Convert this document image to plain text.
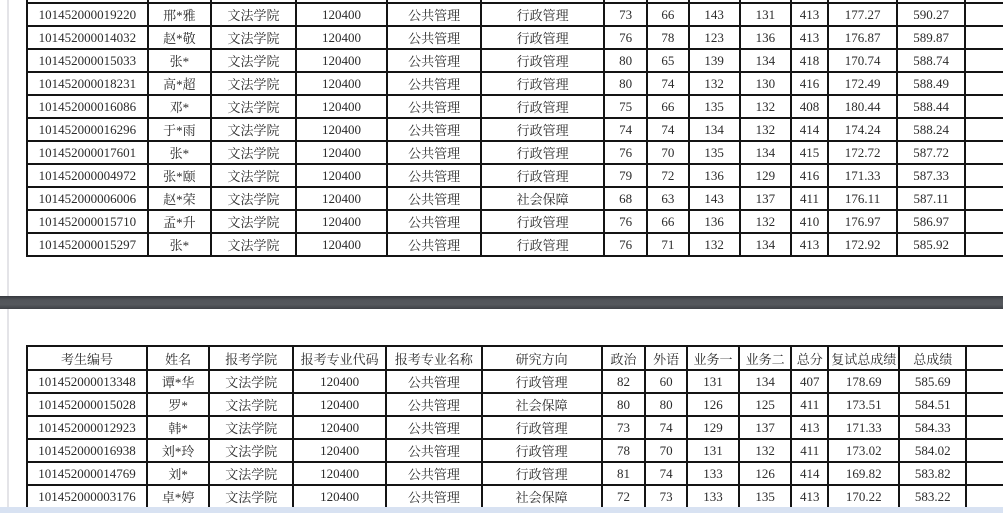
101452000019220	邢*雅	文法学院	120400	公共管理	行政管理	73	66	143	131	413	177.27	590.27	
101452000014032	赵*敬	文法学院	120400	公共管理	行政管理	76	78	123	136	413	176.87	589.87	
101452000015033	张*	文法学院	120400	公共管理	行政管理	80	65	139	134	418	170.74	588.74	
101452000018231	高*超	文法学院	120400	公共管理	行政管理	80	74	132	130	416	172.49	588.49	
101452000016086	邓*	文法学院	120400	公共管理	行政管理	75	66	135	132	408	180.44	588.44	
101452000016296	于*雨	文法学院	120400	公共管理	行政管理	74	74	134	132	414	174.24	588.24	
101452000017601	张*	文法学院	120400	公共管理	行政管理	76	70	135	134	415	172.72	587.72	
101452000004972	张*颐	文法学院	120400	公共管理	行政管理	79	72	136	129	416	171.33	587.33	
101452000006006	赵*荣	文法学院	120400	公共管理	社会保障	68	63	143	137	411	176.11	587.11	
101452000015710	孟*升	文法学院	120400	公共管理	行政管理	76	66	136	132	410	176.97	586.97	
101452000015297	张*	文法学院	120400	公共管理	行政管理	76	71	132	134	413	172.92	585.92	
考生编号	姓名	报考学院	报考专业代码	报考专业名称	研究方向	政治	外语	业务一	业务二	总分	复试总成绩	总成绩	
101452000013348	谭*华	文法学院	120400	公共管理	行政管理	82	60	131	134	407	178.69	585.69	
101452000015028	罗*	文法学院	120400	公共管理	社会保障	80	80	126	125	411	173.51	584.51	
101452000012923	韩*	文法学院	120400	公共管理	行政管理	73	74	129	137	413	171.33	584.33	
101452000016938	刘*玲	文法学院	120400	公共管理	行政管理	78	70	131	132	411	173.02	584.02	
101452000014769	刘*	文法学院	120400	公共管理	行政管理	81	74	133	126	414	169.82	583.82	
101452000003176	卓*婷	文法学院	120400	公共管理	社会保障	72	73	133	135	413	170.22	583.22	
